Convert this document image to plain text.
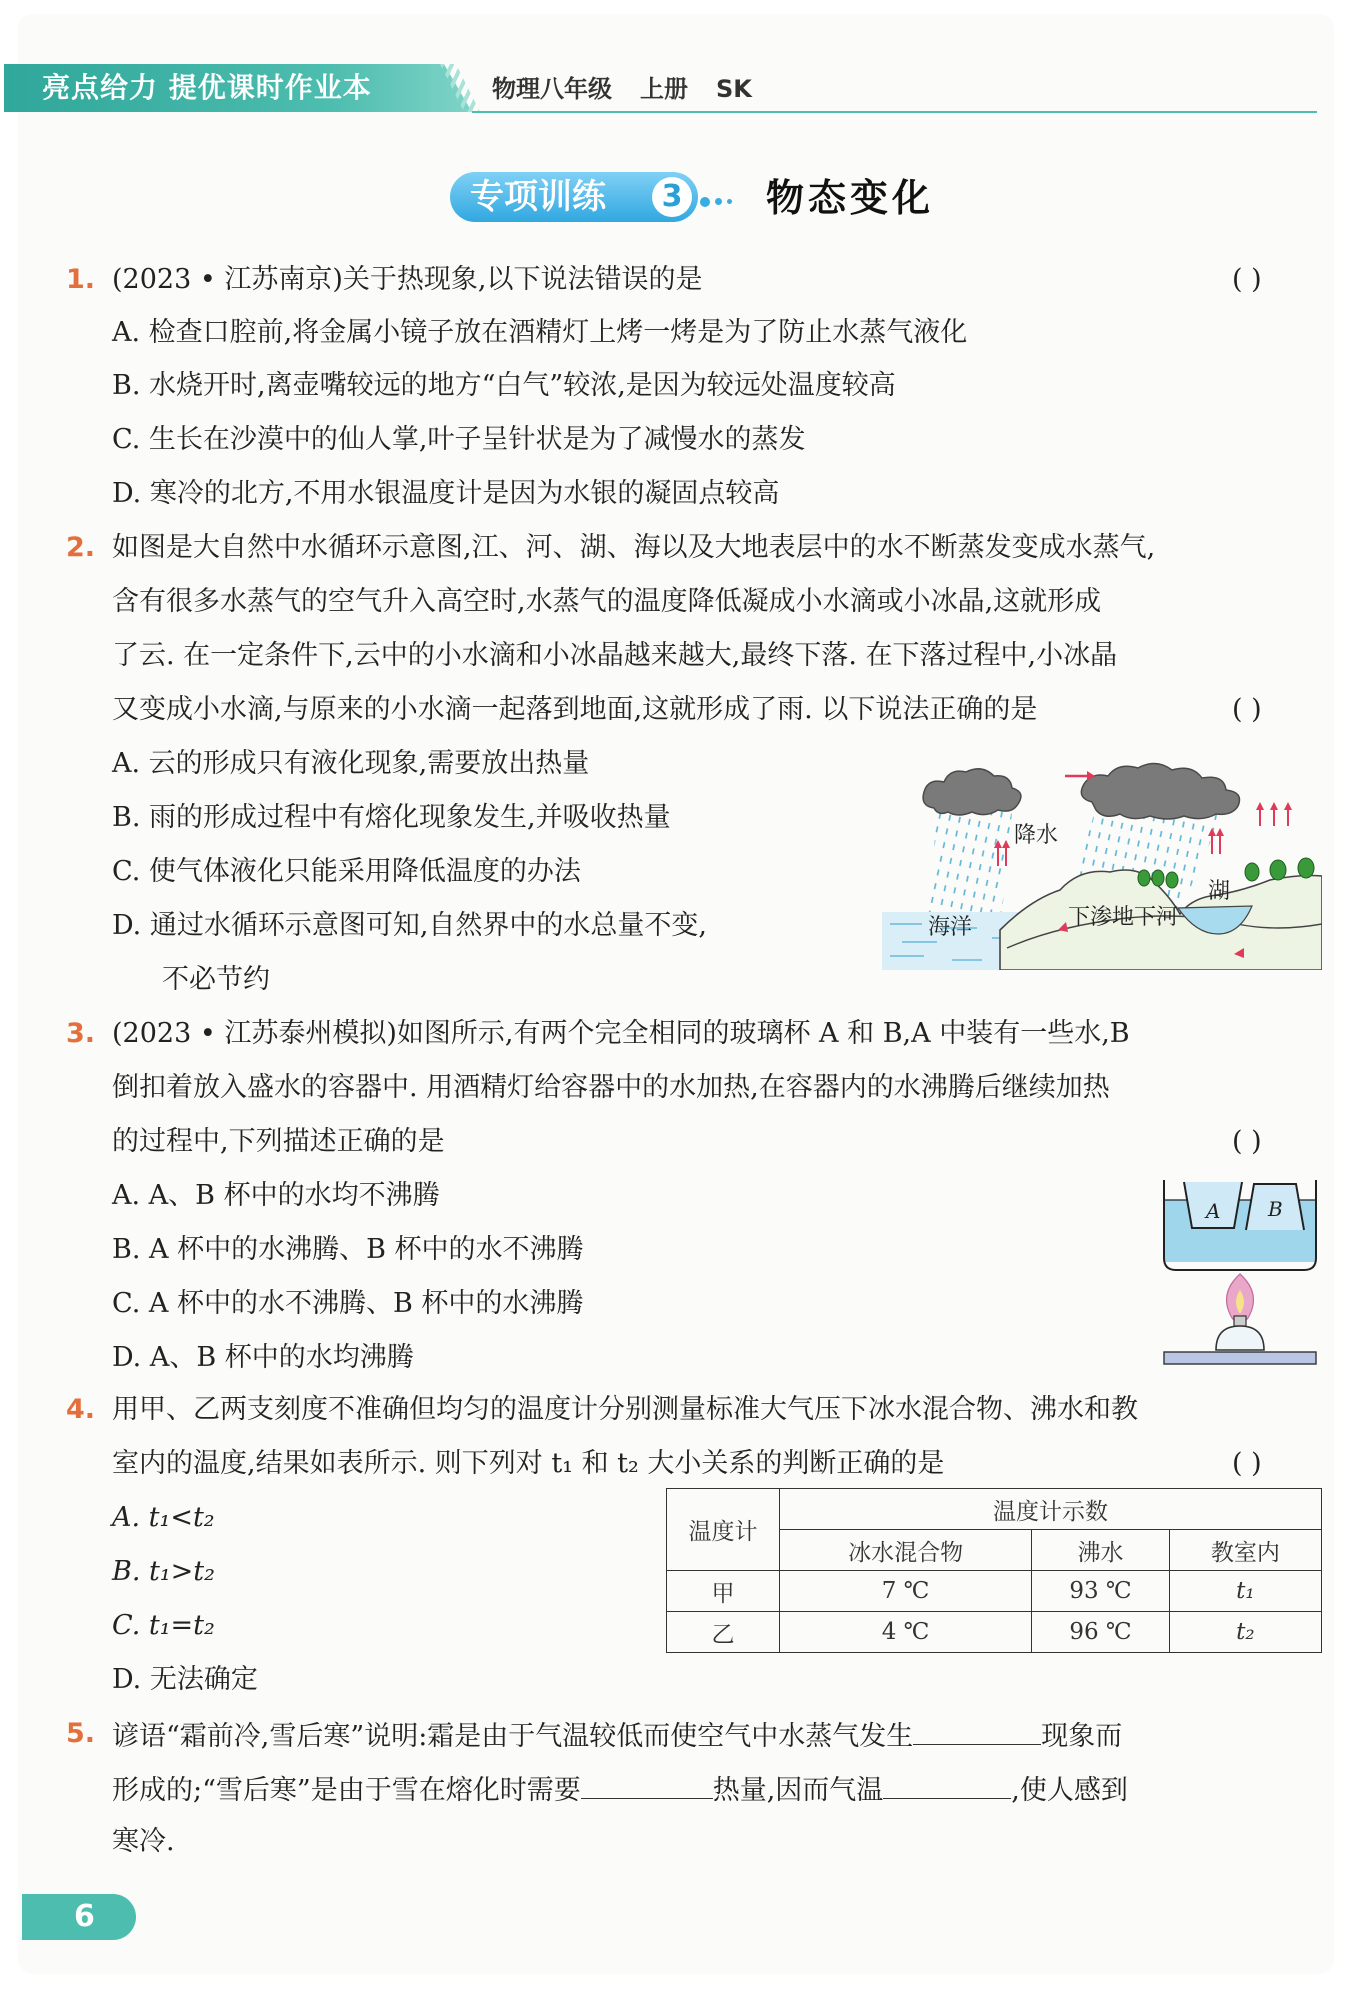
亮点给力 提优课时作业本	物理八年级 上册 SK
专项训练	3 物态变化
1. (2023 • 江苏南京)关于热现象,以下说法错误的是	( )
A. 检查口腔前,将金属小镜子放在酒精灯上烤一烤是为了防止水蒸气液化
B. 水烧开时,离壶嘴较远的地方“白气”较浓,是因为较远处温度较高
C. 生长在沙漠中的仙人掌,叶子呈针状是为了减慢水的蒸发
D. 寒冷的北方,不用水银温度计是因为水银的凝固点较高
2. 如图是大自然中水循环示意图,江、河、湖、海以及大地表层中的水不断蒸发变成水蒸气,
含有很多水蒸气的空气升入高空时,水蒸气的温度降低凝成小水滴或小冰晶,这就形成
了云. 在一定条件下,云中的小水滴和小冰晶越来越大,最终下落. 在下落过程中,小冰晶
又变成小水滴,与原来的小水滴一起落到地面,这就形成了雨. 以下说法正确的是	( )
A. 云的形成只有液化现象,需要放出热量
B. 雨的形成过程中有熔化现象发生,并吸收热量
C. 使气体液化只能采用降低温度的办法
D. 通过水循环示意图可知,自然界中的水总量不变,
不必节约
降水
湖
海洋	下渗地下河
3. (2023 • 江苏泰州模拟)如图所示,有两个完全相同的玻璃杯 A 和 B,A 中装有一些水,B
倒扣着放入盛水的容器中. 用酒精灯给容器中的水加热,在容器内的水沸腾后继续加热
的过程中,下列描述正确的是	( )
A. A、B 杯中的水均不沸腾
B. A 杯中的水沸腾、B 杯中的水不沸腾
C. A 杯中的水不沸腾、B 杯中的水沸腾
D. A、B 杯中的水均沸腾
A B
4. 用甲、乙两支刻度不准确但均匀的温度计分别测量标准大气压下冰水混合物、沸水和教
室内的温度,结果如表所示. 则下列对 t₁ 和 t₂ 大小关系的判断正确的是	( )
A. t₁<t₂
B. t₁>t₂
C. t₁=t₂
D. 无法确定
温度计	温度计示数		
	冰水混合物	沸水	教室内
甲	7 ℃	93 ℃	t₁
乙	4 ℃	96 ℃	t₂
5. 谚语“霜前冷,雪后寒”说明:霜是由于气温较低而使空气中水蒸气发生	现象而
形成的;“雪后寒”是由于雪在熔化时需要	热量,因而气温	,使人感到
寒冷.
6
